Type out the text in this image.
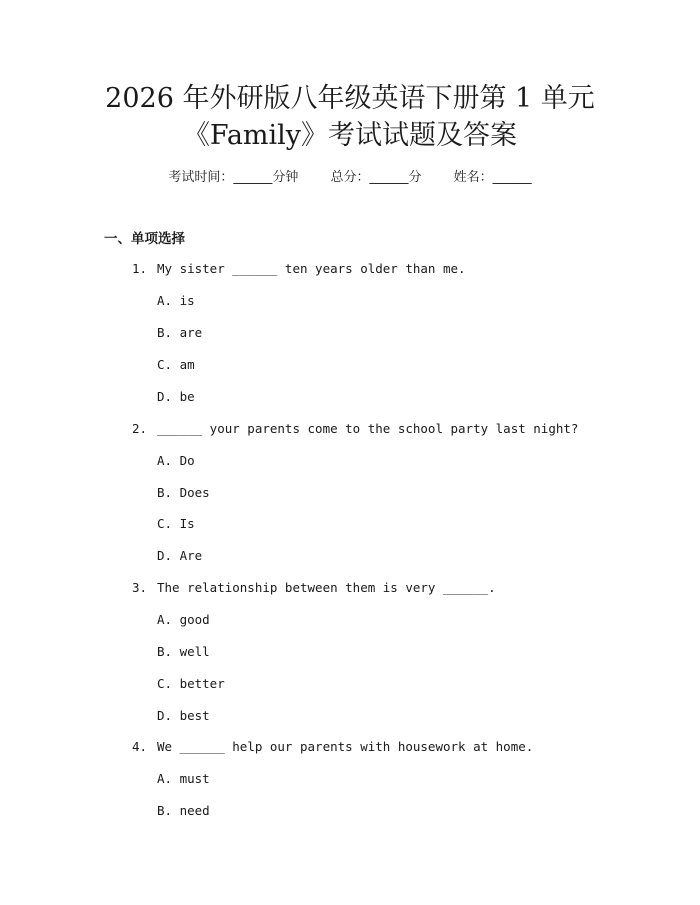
2026 年外研版八年级英语下册第 1 单元
《Family》考试试题及答案
考试时间：______分钟 总分：______分 姓名：______
一、单项选择
1. My sister ______ ten years older than me.
A. is
B. are
C. am
D. be
2. ______ your parents come to the school party last night?
A. Do
B. Does
C. Is
D. Are
3. The relationship between them is very ______.
A. good
B. well
C. better
D. best
4. We ______ help our parents with housework at home.
A. must
B. need
